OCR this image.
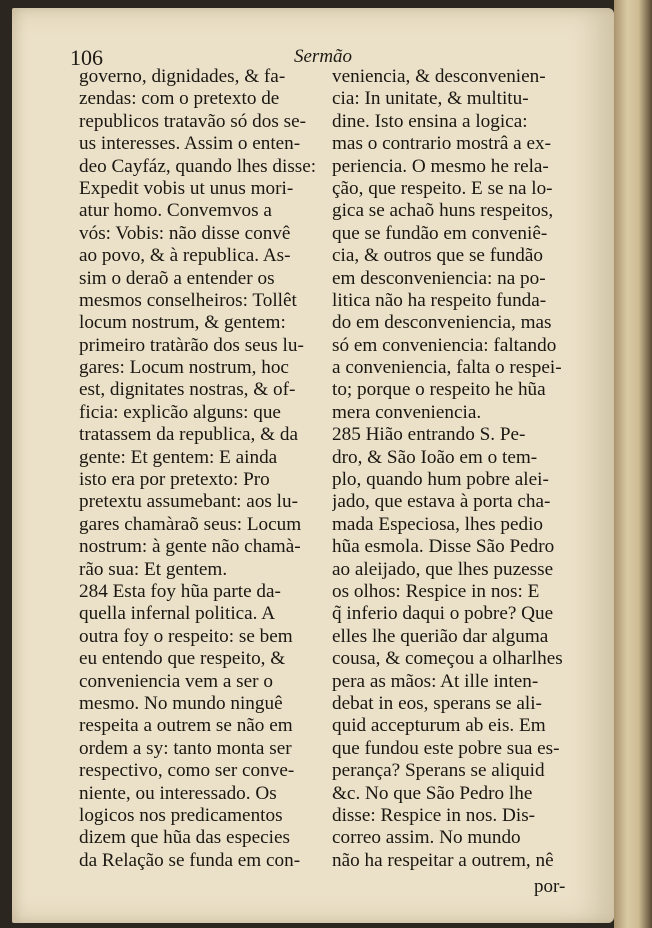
106	Sermão
governo, dignidades, & fa-
zendas: com o pretexto de
republicos tratavão só dos se-
us interesses. Assim o enten-
deo Cayfáz, quando lhes disse:
Expedit vobis ut unus mori-
atur homo. Convemvos a
vós: Vobis: não disse convê
ao povo, & à republica. As-
sim o deraõ a entender os
mesmos conselheiros: Tollêt
locum nostrum, & gentem:
primeiro tratàrão dos seus lu-
gares: Locum nostrum, hoc
est, dignitates nostras, & of-
ficia: explicão alguns: que
tratassem da republica, & da
gente: Et gentem: E ainda
isto era por pretexto: Pro
pretextu assumebant: aos lu-
gares chamàraõ seus: Locum
nostrum: à gente não chamà-
rão sua: Et gentem.
284 Esta foy hũa parte da-
quella infernal politica. A
outra foy o respeito: se bem
eu entendo que respeito, &
conveniencia vem a ser o
mesmo. No mundo ninguê
respeita a outrem se não em
ordem a sy: tanto monta ser
respectivo, como ser conve-
niente, ou interessado. Os
logicos nos predicamentos
dizem que hũa das especies
da Relação se funda em con-
veniencia, & desconvenien-
cia: In unitate, & multitu-
dine. Isto ensina a logica:
mas o contrario mostrâ a ex-
periencia. O mesmo he rela-
ção, que respeito. E se na lo-
gica se achaõ huns respeitos,
que se fundão em conveniê-
cia, & outros que se fundão
em desconveniencia: na po-
litica não ha respeito funda-
do em desconveniencia, mas
só em conveniencia: faltando
a conveniencia, falta o respei-
to; porque o respeito he hũa
mera conveniencia.
285 Hião entrando S. Pe-
dro, & São Ioão em o tem-
plo, quando hum pobre alei-
jado, que estava à porta cha-
mada Especiosa, lhes pedio
hũa esmola. Disse São Pedro
ao aleijado, que lhes puzesse
os olhos: Respice in nos: E
q̃ inferio daqui o pobre? Que
elles lhe querião dar alguma
cousa, & começou a olharlhes
pera as mãos: At ille inten-
debat in eos, sperans se ali-
quid accepturum ab eis. Em
que fundou este pobre sua es-
perança? Sperans se aliquid
&c. No que São Pedro lhe
disse: Respice in nos. Dis-
correo assim. No mundo
não ha respeitar a outrem, nê
por-
